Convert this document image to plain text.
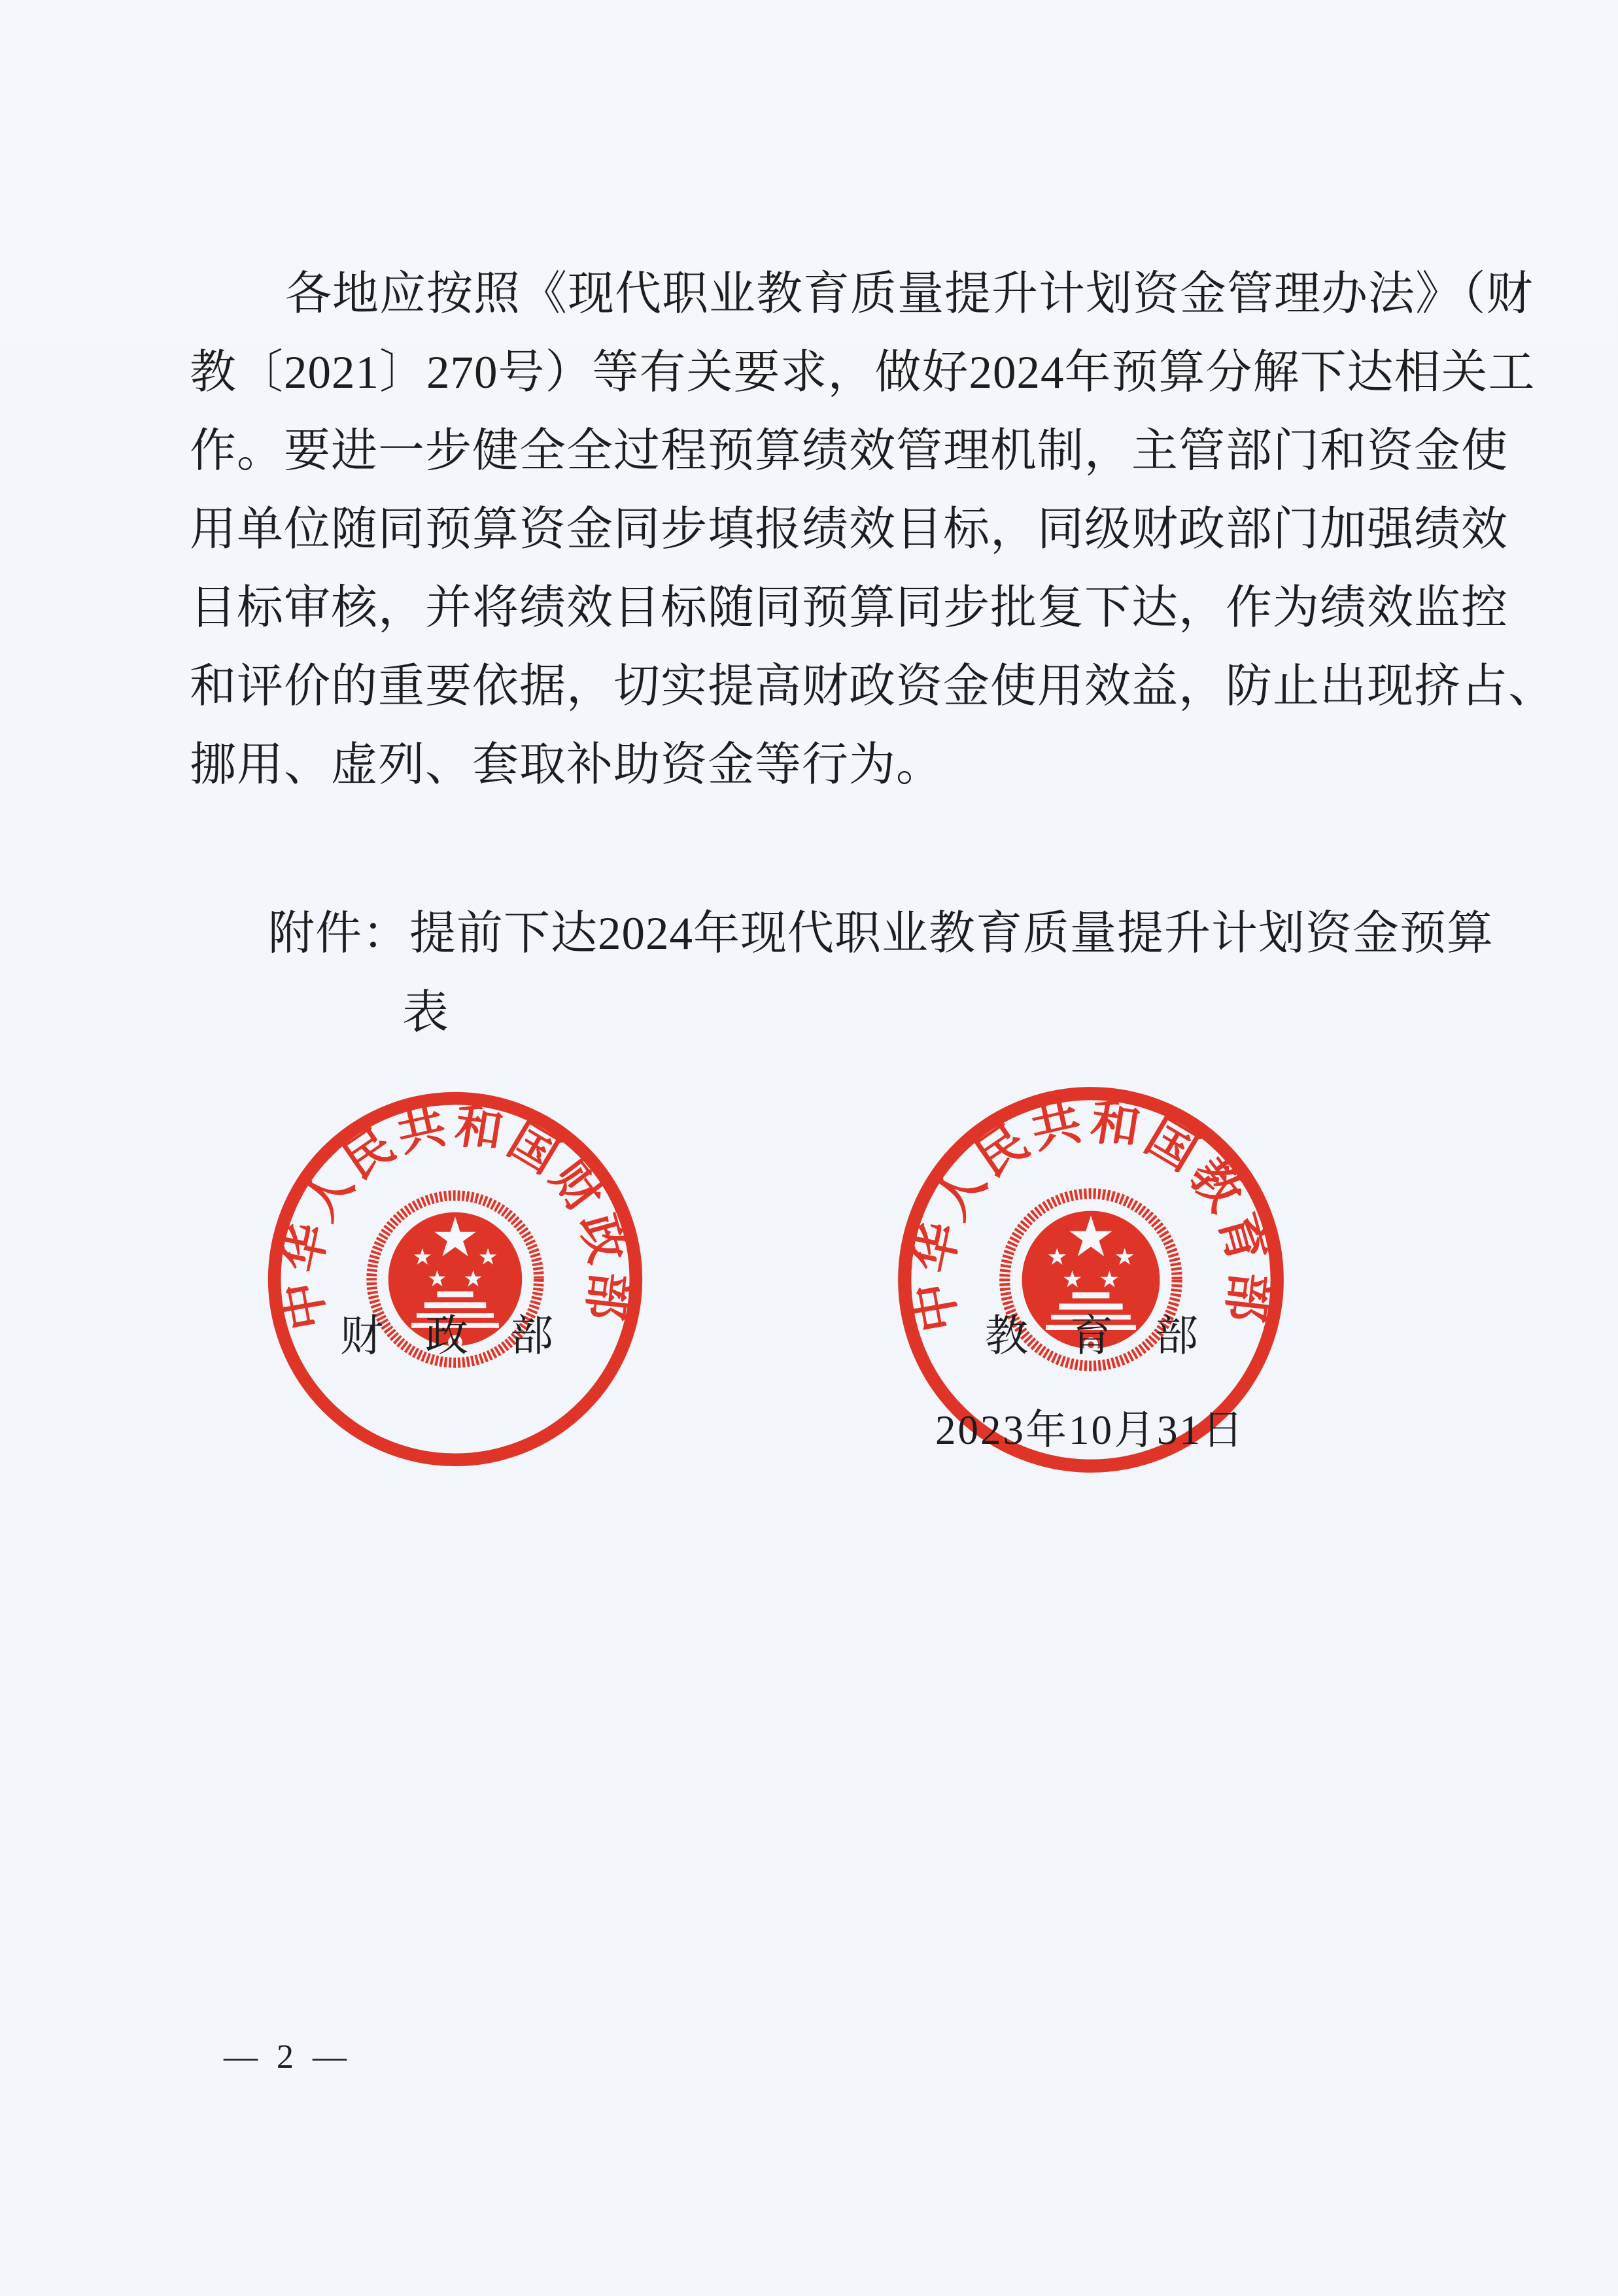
各地应按照《现代职业教育质量提升计划资金管理办法》（财
教〔2021〕270号）等有关要求，做好2024年预算分解下达相关工
作。要进一步健全全过程预算绩效管理机制，主管部门和资金使
用单位随同预算资金同步填报绩效目标，同级财政部门加强绩效
目标审核，并将绩效目标随同预算同步批复下达，作为绩效监控
和评价的重要依据，切实提高财政资金使用效益，防止出现挤占、
挪用、虚列、套取补助资金等行为。
附件：提前下达2024年现代职业教育质量提升计划资金预算
表
中华人民共和国财政部	中华人民共和国教育部
财政部	教育部
2023年10月31日
— 2 —
